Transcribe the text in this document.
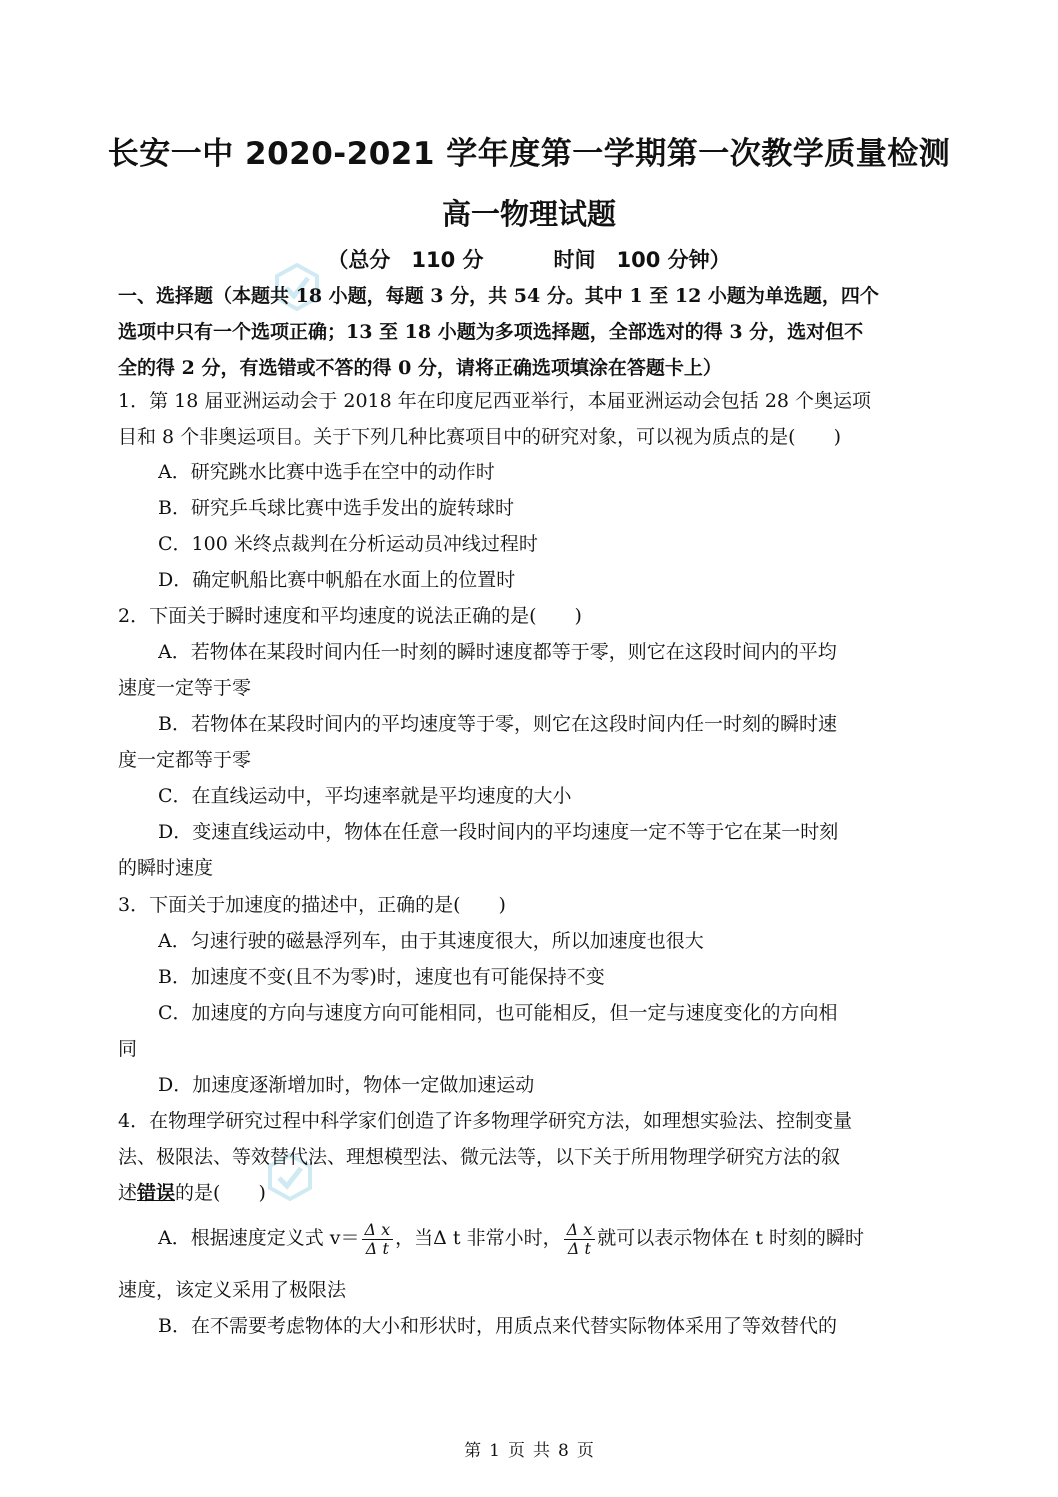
长安一中 2020-2021 学年度第一学期第一次教学质量检测
高一物理试题
（总分　110 分	时间　100 分钟）
一、选择题（本题共 18 小题，每题 3 分，共 54 分。其中 1 至 12 小题为单选题，四个
选项中只有一个选项正确；13 至 18 小题为多项选择题，全部选对的得 3 分，选对但不
全的得 2 分，有选错或不答的得 0 分，请将正确选项填涂在答题卡上）
1．第 18 届亚洲运动会于 2018 年在印度尼西亚举行，本届亚洲运动会包括 28 个奥运项
目和 8 个非奥运项目。关于下列几种比赛项目中的研究对象，可以视为质点的是(　　)
A．研究跳水比赛中选手在空中的动作时
B．研究乒乓球比赛中选手发出的旋转球时
C．100 米终点裁判在分析运动员冲线过程时
D．确定帆船比赛中帆船在水面上的位置时
2．下面关于瞬时速度和平均速度的说法正确的是(　　)
A．若物体在某段时间内任一时刻的瞬时速度都等于零，则它在这段时间内的平均
速度一定等于零
B．若物体在某段时间内的平均速度等于零，则它在这段时间内任一时刻的瞬时速
度一定都等于零
C．在直线运动中，平均速率就是平均速度的大小
D．变速直线运动中，物体在任意一段时间内的平均速度一定不等于它在某一时刻
的瞬时速度
3．下面关于加速度的描述中，正确的是(　　)
A．匀速行驶的磁悬浮列车，由于其速度很大，所以加速度也很大
B．加速度不变(且不为零)时，速度也有可能保持不变
C．加速度的方向与速度方向可能相同，也可能相反，但一定与速度变化的方向相
同
D．加速度逐渐增加时，物体一定做加速运动
4．在物理学研究过程中科学家们创造了许多物理学研究方法，如理想实验法、控制变量
法、极限法、等效替代法、理想模型法、微元法等，以下关于所用物理学研究方法的叙
述错误的是(　　)
A．根据速度定义式 $v= \frac{\text{Δ x}}{\text{Δ t}}$ ，当Δ t 非常小时， $\frac{\text{Δ x}}{\text{Δ t}}$ 就可以表示物体在 t 时刻的瞬时
速度，该定义采用了极限法
B．在不需要考虑物体的大小和形状时，用质点来代替实际物体采用了等效替代的
第 1 页 共 8 页
